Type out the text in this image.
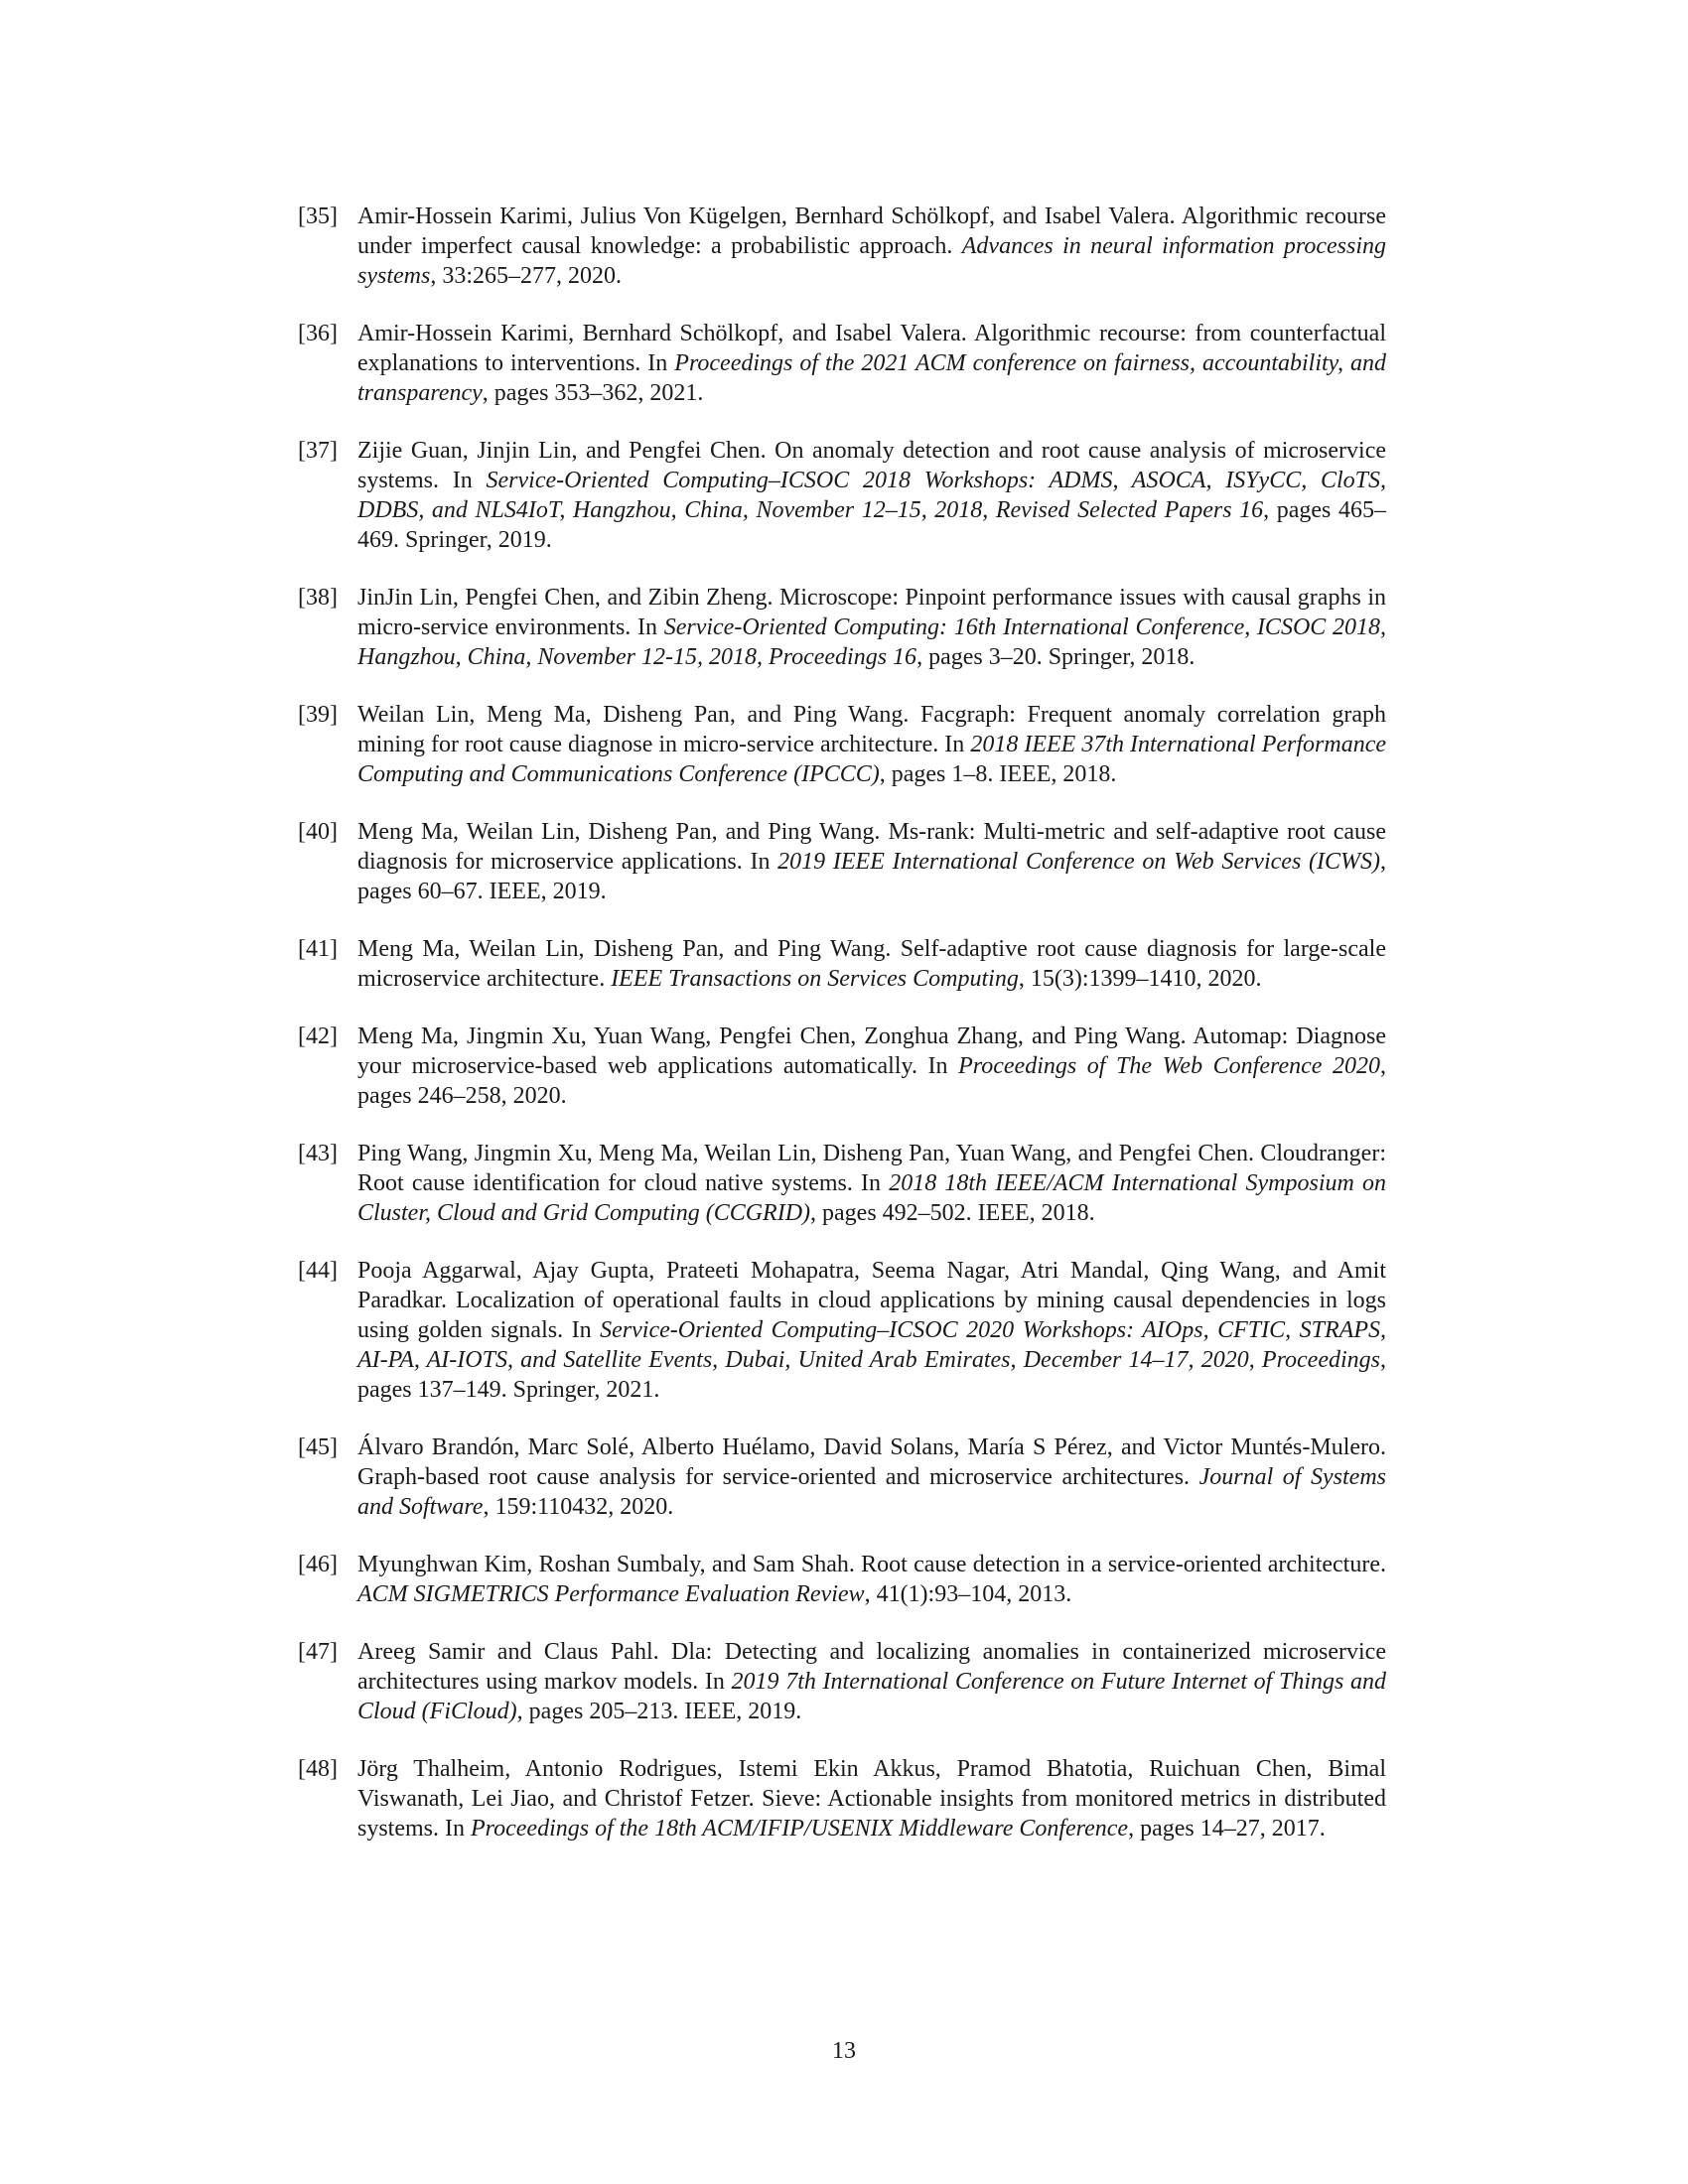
[35] Amir-Hossein Karimi, Julius Von Kügelgen, Bernhard Schölkopf, and Isabel Valera. Algorithmic recourse under imperfect causal knowledge: a probabilistic approach. Advances in neural information processing systems, 33:265–277, 2020.
[36] Amir-Hossein Karimi, Bernhard Schölkopf, and Isabel Valera. Algorithmic recourse: from counterfactual explanations to interventions. In Proceedings of the 2021 ACM conference on fairness, accountability, and transparency, pages 353–362, 2021.
[37] Zijie Guan, Jinjin Lin, and Pengfei Chen. On anomaly detection and root cause analysis of microservice systems. In Service-Oriented Computing–ICSOC 2018 Workshops: ADMS, ASOCA, ISYyCC, CloTS, DDBS, and NLS4IoT, Hangzhou, China, November 12–15, 2018, Revised Selected Papers 16, pages 465–469. Springer, 2019.
[38] JinJin Lin, Pengfei Chen, and Zibin Zheng. Microscope: Pinpoint performance issues with causal graphs in micro-service environments. In Service-Oriented Computing: 16th International Conference, ICSOC 2018, Hangzhou, China, November 12-15, 2018, Proceedings 16, pages 3–20. Springer, 2018.
[39] Weilan Lin, Meng Ma, Disheng Pan, and Ping Wang. Facgraph: Frequent anomaly correlation graph mining for root cause diagnose in micro-service architecture. In 2018 IEEE 37th International Performance Computing and Communications Conference (IPCCC), pages 1–8. IEEE, 2018.
[40] Meng Ma, Weilan Lin, Disheng Pan, and Ping Wang. Ms-rank: Multi-metric and self-adaptive root cause diagnosis for microservice applications. In 2019 IEEE International Conference on Web Services (ICWS), pages 60–67. IEEE, 2019.
[41] Meng Ma, Weilan Lin, Disheng Pan, and Ping Wang. Self-adaptive root cause diagnosis for large-scale microservice architecture. IEEE Transactions on Services Computing, 15(3):1399–1410, 2020.
[42] Meng Ma, Jingmin Xu, Yuan Wang, Pengfei Chen, Zonghua Zhang, and Ping Wang. Automap: Diagnose your microservice-based web applications automatically. In Proceedings of The Web Conference 2020, pages 246–258, 2020.
[43] Ping Wang, Jingmin Xu, Meng Ma, Weilan Lin, Disheng Pan, Yuan Wang, and Pengfei Chen. Cloudranger: Root cause identification for cloud native systems. In 2018 18th IEEE/ACM International Symposium on Cluster, Cloud and Grid Computing (CCGRID), pages 492–502. IEEE, 2018.
[44] Pooja Aggarwal, Ajay Gupta, Prateeti Mohapatra, Seema Nagar, Atri Mandal, Qing Wang, and Amit Paradkar. Localization of operational faults in cloud applications by mining causal dependencies in logs using golden signals. In Service-Oriented Computing–ICSOC 2020 Workshops: AIOps, CFTIC, STRAPS, AI-PA, AI-IOTS, and Satellite Events, Dubai, United Arab Emirates, December 14–17, 2020, Proceedings, pages 137–149. Springer, 2021.
[45] Álvaro Brandón, Marc Solé, Alberto Huélamo, David Solans, María S Pérez, and Victor Muntés-Mulero. Graph-based root cause analysis for service-oriented and microservice architectures. Journal of Systems and Software, 159:110432, 2020.
[46] Myunghwan Kim, Roshan Sumbaly, and Sam Shah. Root cause detection in a service-oriented architecture. ACM SIGMETRICS Performance Evaluation Review, 41(1):93–104, 2013.
[47] Areeg Samir and Claus Pahl. Dla: Detecting and localizing anomalies in containerized microservice architectures using markov models. In 2019 7th International Conference on Future Internet of Things and Cloud (FiCloud), pages 205–213. IEEE, 2019.
[48] Jörg Thalheim, Antonio Rodrigues, Istemi Ekin Akkus, Pramod Bhatotia, Ruichuan Chen, Bimal Viswanath, Lei Jiao, and Christof Fetzer. Sieve: Actionable insights from monitored metrics in distributed systems. In Proceedings of the 18th ACM/IFIP/USENIX Middleware Conference, pages 14–27, 2017.
13
